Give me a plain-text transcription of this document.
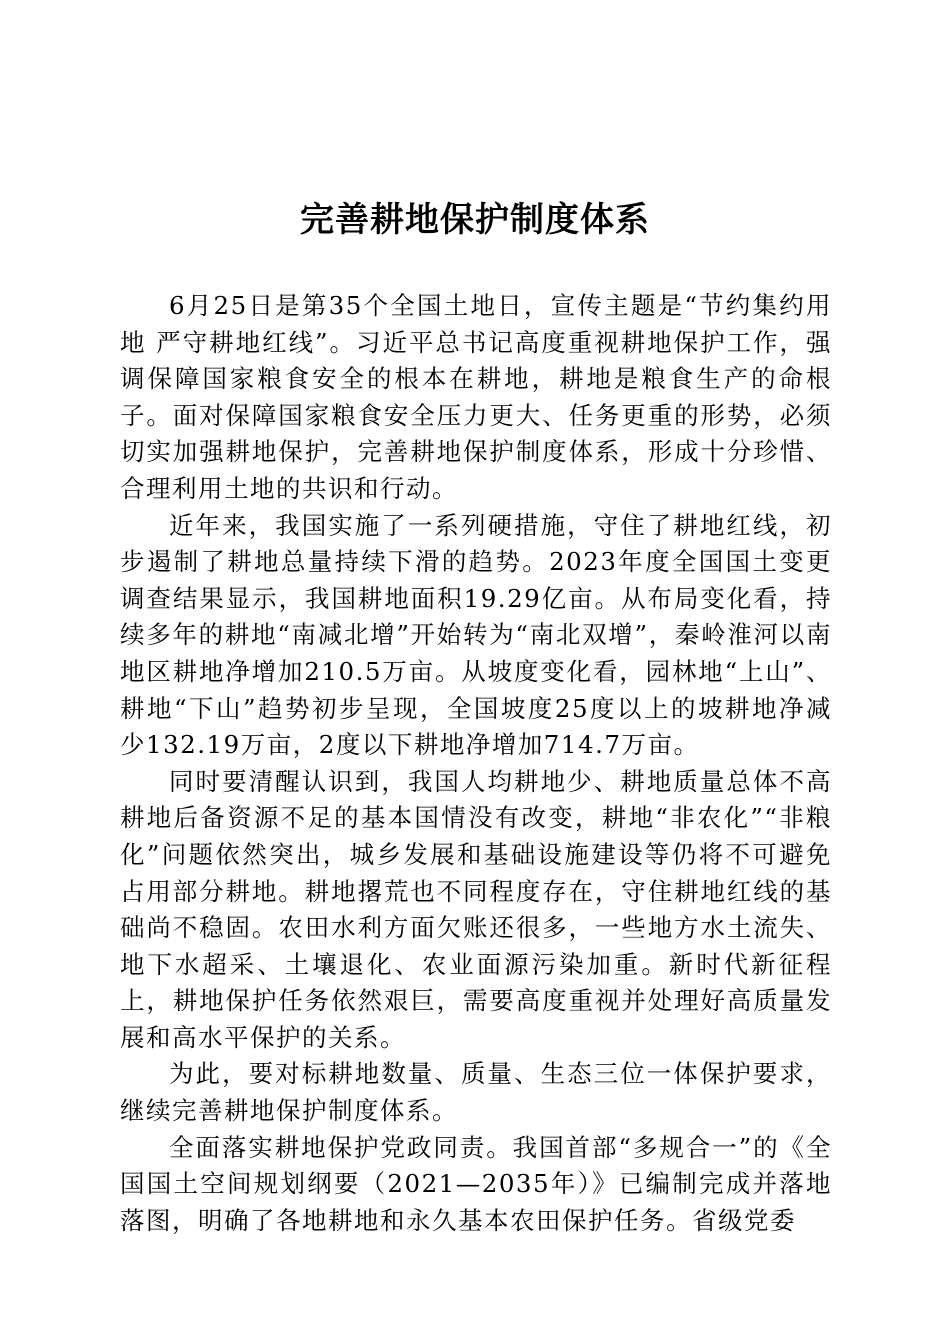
完善耕地保护制度体系

6月25日是第35个全国土地日，宣传主题是“节约集约用地 严守耕地红线”。习近平总书记高度重视耕地保护工作，强调保障国家粮食安全的根本在耕地，耕地是粮食生产的命根子。面对保障国家粮食安全压力更大、任务更重的形势，必须切实加强耕地保护，完善耕地保护制度体系，形成十分珍惜、合理利用土地的共识和行动。

近年来，我国实施了一系列硬措施，守住了耕地红线，初步遏制了耕地总量持续下滑的趋势。2023年度全国国土变更调查结果显示，我国耕地面积19.29亿亩。从布局变化看，持续多年的耕地“南减北增”开始转为“南北双增”，秦岭淮河以南地区耕地净增加210.5万亩。从坡度变化看，园林地“上山”、耕地“下山”趋势初步呈现，全国坡度25度以上的坡耕地净减少132.19万亩，2度以下耕地净增加714.7万亩。

同时要清醒认识到，我国人均耕地少、耕地质量总体不高耕地后备资源不足的基本国情没有改变，耕地“非农化”“非粮化”问题依然突出，城乡发展和基础设施建设等仍将不可避免占用部分耕地。耕地撂荒也不同程度存在，守住耕地红线的基础尚不稳固。农田水利方面欠账还很多，一些地方水土流失、地下水超采、土壤退化、农业面源污染加重。新时代新征程上，耕地保护任务依然艰巨，需要高度重视并处理好高质量发展和高水平保护的关系。

为此，要对标耕地数量、质量、生态三位一体保护要求，继续完善耕地保护制度体系。

全面落实耕地保护党政同责。我国首部“多规合一”的《全国国土空间规划纲要（2021—2035年）》已编制完成并落地落图，明确了各地耕地和永久基本农田保护任务。省级党委
